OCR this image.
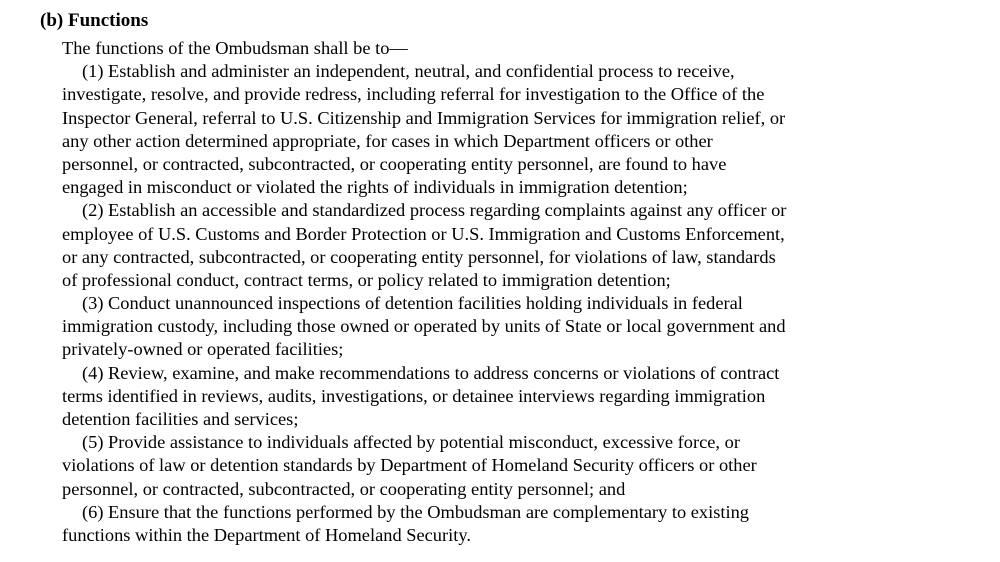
(b) Functions
The functions of the Ombudsman shall be to—
(1) Establish and administer an independent, neutral, and confidential process to receive,
investigate, resolve, and provide redress, including referral for investigation to the Office of the
Inspector General, referral to U.S. Citizenship and Immigration Services for immigration relief, or
any other action determined appropriate, for cases in which Department officers or other
personnel, or contracted, subcontracted, or cooperating entity personnel, are found to have
engaged in misconduct or violated the rights of individuals in immigration detention;
(2) Establish an accessible and standardized process regarding complaints against any officer or
employee of U.S. Customs and Border Protection or U.S. Immigration and Customs Enforcement,
or any contracted, subcontracted, or cooperating entity personnel, for violations of law, standards
of professional conduct, contract terms, or policy related to immigration detention;
(3) Conduct unannounced inspections of detention facilities holding individuals in federal
immigration custody, including those owned or operated by units of State or local government and
privately-owned or operated facilities;
(4) Review, examine, and make recommendations to address concerns or violations of contract
terms identified in reviews, audits, investigations, or detainee interviews regarding immigration
detention facilities and services;
(5) Provide assistance to individuals affected by potential misconduct, excessive force, or
violations of law or detention standards by Department of Homeland Security officers or other
personnel, or contracted, subcontracted, or cooperating entity personnel; and
(6) Ensure that the functions performed by the Ombudsman are complementary to existing
functions within the Department of Homeland Security.
